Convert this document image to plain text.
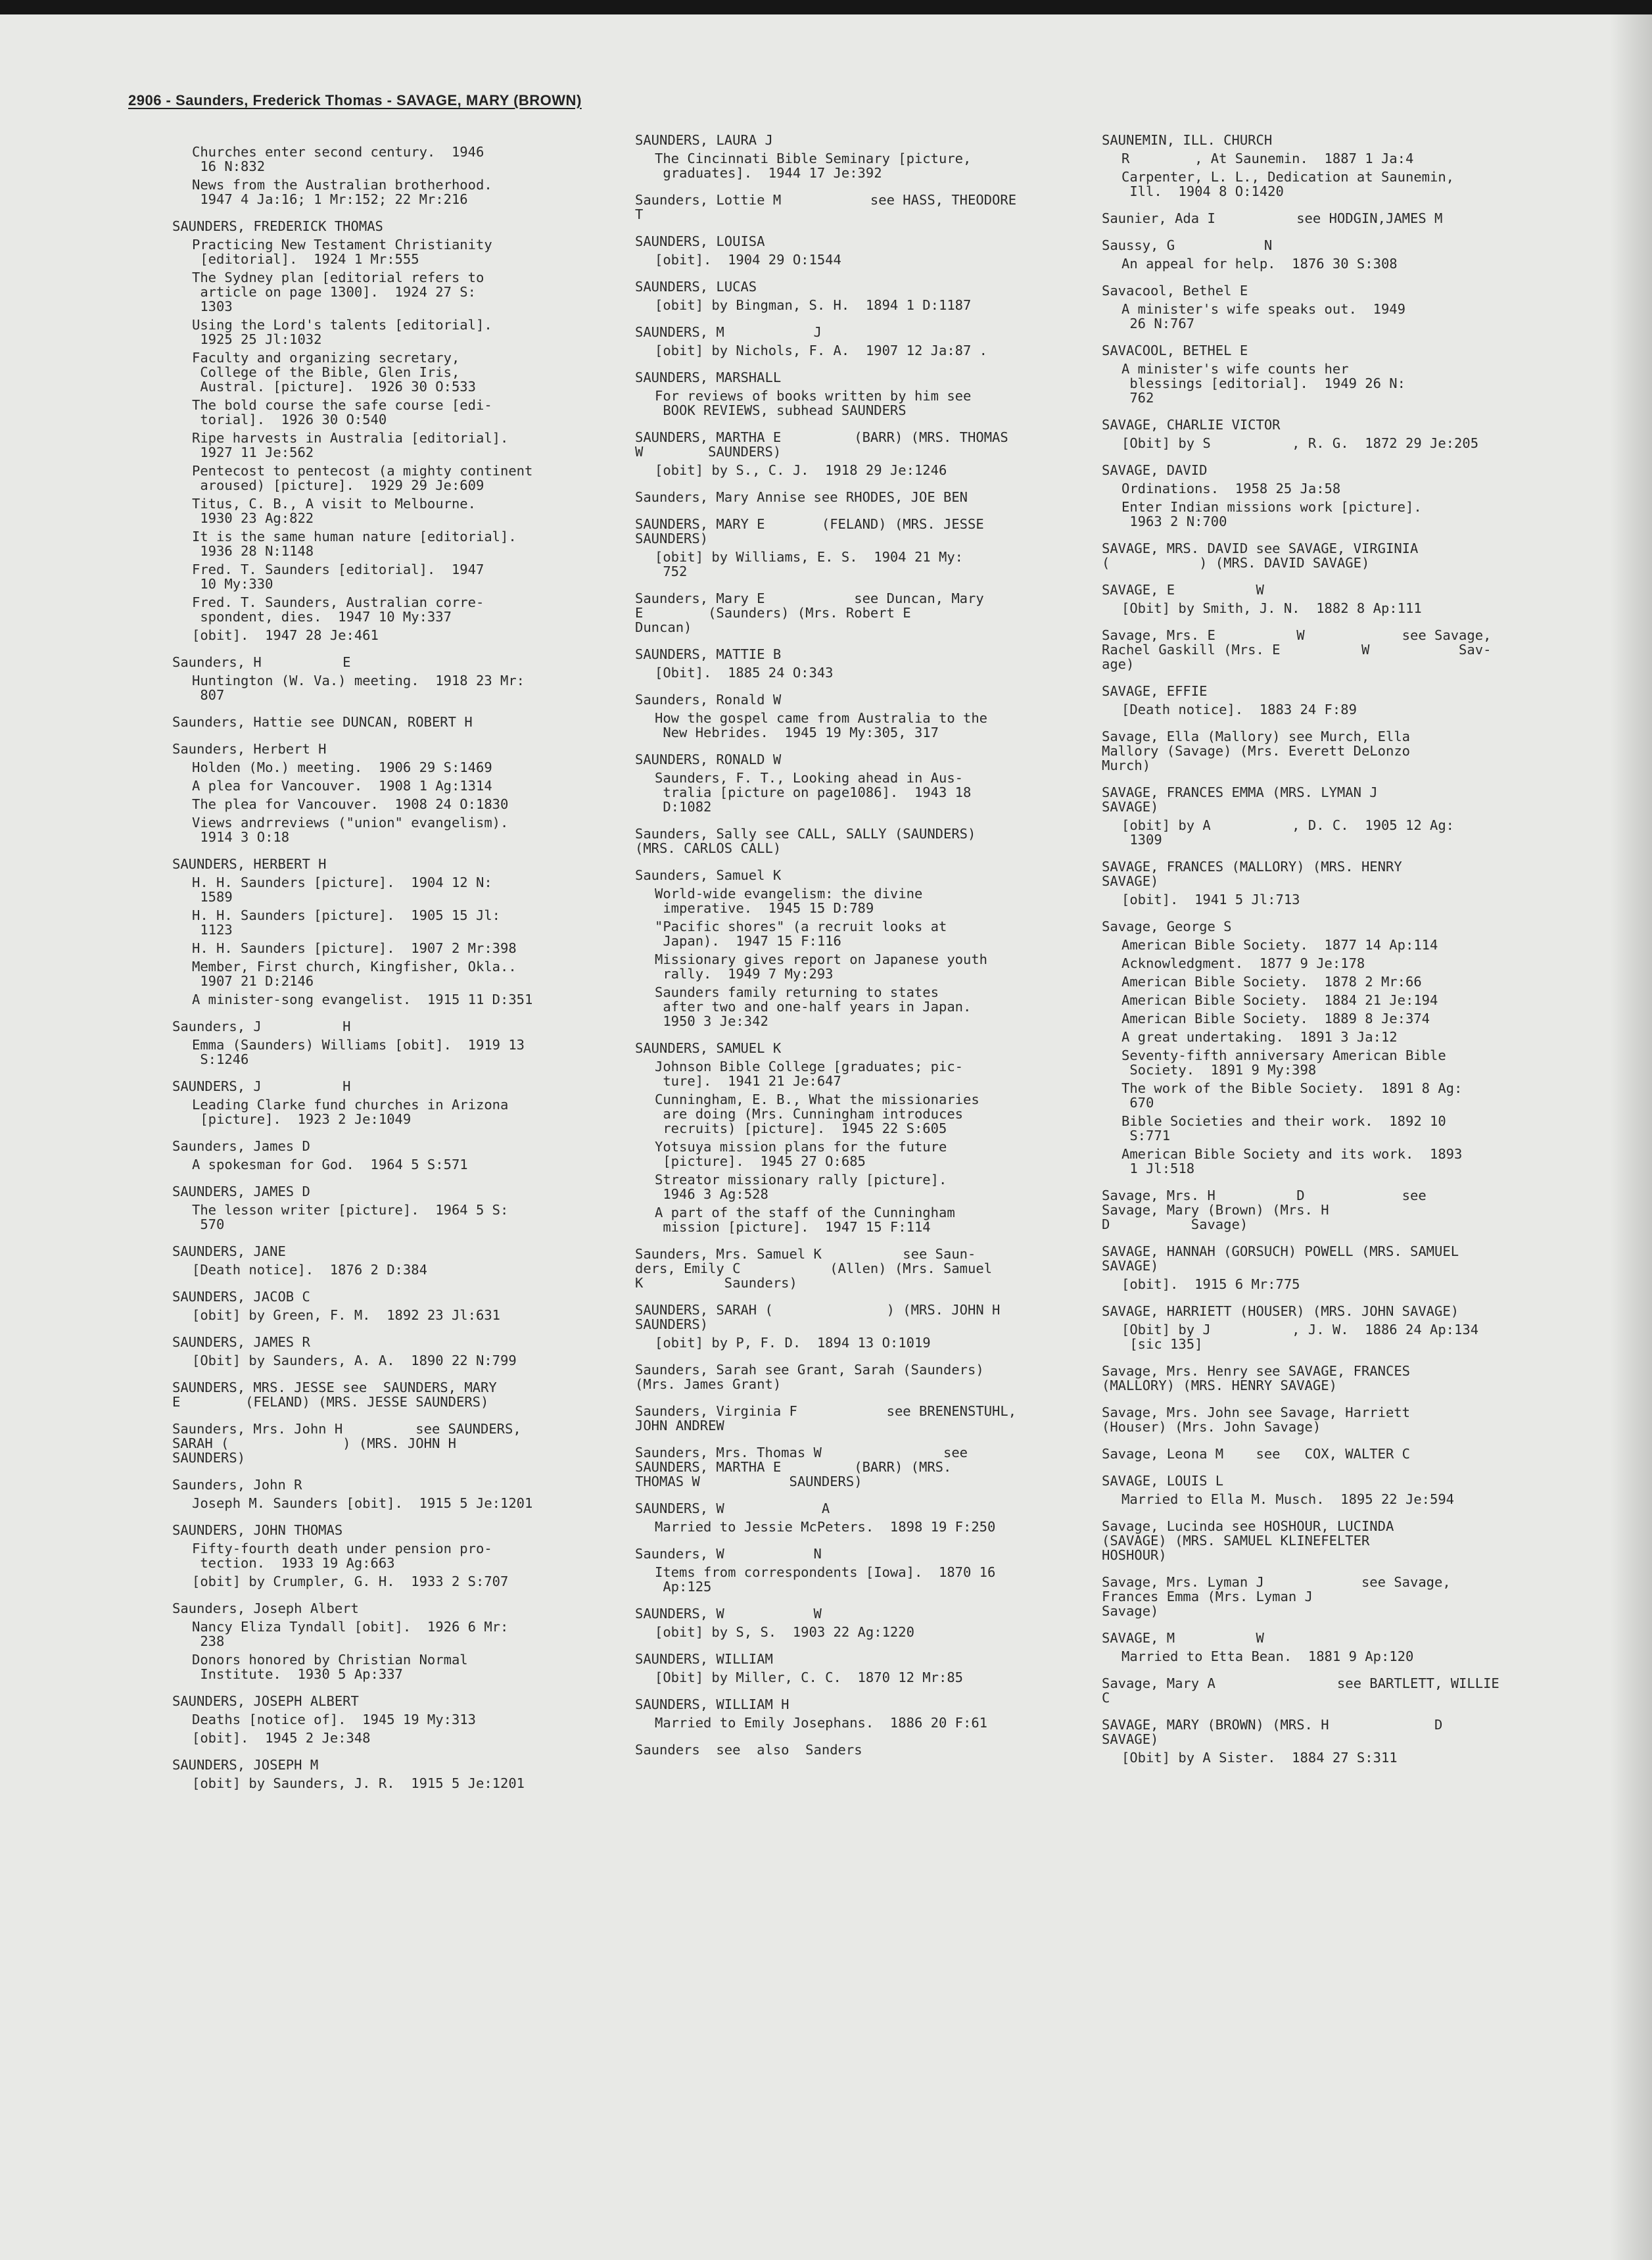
2906 - Saunders, Frederick Thomas - SAVAGE, MARY (BROWN)
Churches enter second century.  1946
16 N:832
News from the Australian brotherhood.
1947 4 Ja:16; 1 Mr:152; 22 Mr:216
SAUNDERS, FREDERICK THOMAS
Practicing New Testament Christianity
[editorial].  1924 1 Mr:555
The Sydney plan [editorial refers to
article on page 1300].  1924 27 S:
1303
Using the Lord's talents [editorial].
1925 25 Jl:1032
Faculty and organizing secretary,
College of the Bible, Glen Iris,
Austral. [picture].  1926 30 O:533
The bold course the safe course [edi-
torial].  1926 30 O:540
Ripe harvests in Australia [editorial].
1927 11 Je:562
Pentecost to pentecost (a mighty continent
aroused) [picture].  1929 29 Je:609
Titus, C. B., A visit to Melbourne.
1930 23 Ag:822
It is the same human nature [editorial].
1936 28 N:1148
Fred. T. Saunders [editorial].  1947
10 My:330
Fred. T. Saunders, Australian corre-
spondent, dies.  1947 10 My:337
[obit].  1947 28 Je:461
Saunders, H          E
Huntington (W. Va.) meeting.  1918 23 Mr:
807
Saunders, Hattie see DUNCAN, ROBERT H
Saunders, Herbert H
Holden (Mo.) meeting.  1906 29 S:1469
A plea for Vancouver.  1908 1 Ag:1314
The plea for Vancouver.  1908 24 O:1830
Views andrreviews ("union" evangelism).
1914 3 O:18
SAUNDERS, HERBERT H
H. H. Saunders [picture].  1904 12 N:
1589
H. H. Saunders [picture].  1905 15 Jl:
1123
H. H. Saunders [picture].  1907 2 Mr:398
Member, First church, Kingfisher, Okla..
1907 21 D:2146
A minister-song evangelist.  1915 11 D:351
Saunders, J          H
Emma (Saunders) Williams [obit].  1919 13
S:1246
SAUNDERS, J          H
Leading Clarke fund churches in Arizona
[picture].  1923 2 Je:1049
Saunders, James D
A spokesman for God.  1964 5 S:571
SAUNDERS, JAMES D
The lesson writer [picture].  1964 5 S:
570
SAUNDERS, JANE
[Death notice].  1876 2 D:384
SAUNDERS, JACOB C
[obit] by Green, F. M.  1892 23 Jl:631
SAUNDERS, JAMES R
[Obit] by Saunders, A. A.  1890 22 N:799
SAUNDERS, MRS. JESSE see  SAUNDERS, MARY
E        (FELAND) (MRS. JESSE SAUNDERS)
Saunders, Mrs. John H         see SAUNDERS,
SARAH (              ) (MRS. JOHN H
SAUNDERS)
Saunders, John R
Joseph M. Saunders [obit].  1915 5 Je:1201
SAUNDERS, JOHN THOMAS
Fifty-fourth death under pension pro-
tection.  1933 19 Ag:663
[obit] by Crumpler, G. H.  1933 2 S:707
Saunders, Joseph Albert
Nancy Eliza Tyndall [obit].  1926 6 Mr:
238
Donors honored by Christian Normal
Institute.  1930 5 Ap:337
SAUNDERS, JOSEPH ALBERT
Deaths [notice of].  1945 19 My:313
[obit].  1945 2 Je:348
SAUNDERS, JOSEPH M
[obit] by Saunders, J. R.  1915 5 Je:1201
SAUNDERS, LAURA J
The Cincinnati Bible Seminary [picture,
graduates].  1944 17 Je:392
Saunders, Lottie M           see HASS, THEODORE
T
SAUNDERS, LOUISA
[obit].  1904 29 O:1544
SAUNDERS, LUCAS
[obit] by Bingman, S. H.  1894 1 D:1187
SAUNDERS, M           J
[obit] by Nichols, F. A.  1907 12 Ja:87 .
SAUNDERS, MARSHALL
For reviews of books written by him see
BOOK REVIEWS, subhead SAUNDERS
SAUNDERS, MARTHA E         (BARR) (MRS. THOMAS
W        SAUNDERS)
[obit] by S., C. J.  1918 29 Je:1246
Saunders, Mary Annise see RHODES, JOE BEN
SAUNDERS, MARY E       (FELAND) (MRS. JESSE
SAUNDERS)
[obit] by Williams, E. S.  1904 21 My:
752
Saunders, Mary E           see Duncan, Mary
E        (Saunders) (Mrs. Robert E
Duncan)
SAUNDERS, MATTIE B
[Obit].  1885 24 O:343
Saunders, Ronald W
How the gospel came from Australia to the
New Hebrides.  1945 19 My:305, 317
SAUNDERS, RONALD W
Saunders, F. T., Looking ahead in Aus-
tralia [picture on page1086].  1943 18
D:1082
Saunders, Sally see CALL, SALLY (SAUNDERS)
(MRS. CARLOS CALL)
Saunders, Samuel K
World-wide evangelism: the divine
imperative.  1945 15 D:789
"Pacific shores" (a recruit looks at
Japan).  1947 15 F:116
Missionary gives report on Japanese youth
rally.  1949 7 My:293
Saunders family returning to states
after two and one-half years in Japan.
1950 3 Je:342
SAUNDERS, SAMUEL K
Johnson Bible College [graduates; pic-
ture].  1941 21 Je:647
Cunningham, E. B., What the missionaries
are doing (Mrs. Cunningham introduces
recruits) [picture].  1945 22 S:605
Yotsuya mission plans for the future
[picture].  1945 27 O:685
Streator missionary rally [picture].
1946 3 Ag:528
A part of the staff of the Cunningham
mission [picture].  1947 15 F:114
Saunders, Mrs. Samuel K          see Saun-
ders, Emily C           (Allen) (Mrs. Samuel
K          Saunders)
SAUNDERS, SARAH (              ) (MRS. JOHN H
SAUNDERS)
[obit] by P, F. D.  1894 13 O:1019
Saunders, Sarah see Grant, Sarah (Saunders)
(Mrs. James Grant)
Saunders, Virginia F           see BRENENSTUHL,
JOHN ANDREW
Saunders, Mrs. Thomas W               see
SAUNDERS, MARTHA E         (BARR) (MRS.
THOMAS W           SAUNDERS)
SAUNDERS, W            A
Married to Jessie McPeters.  1898 19 F:250
Saunders, W           N
Items from correspondents [Iowa].  1870 16
Ap:125
SAUNDERS, W           W
[obit] by S, S.  1903 22 Ag:1220
SAUNDERS, WILLIAM
[Obit] by Miller, C. C.  1870 12 Mr:85
SAUNDERS, WILLIAM H
Married to Emily Josephans.  1886 20 F:61
Saunders  see  also  Sanders
SAUNEMIN, ILL. CHURCH
R        , At Saunemin.  1887 1 Ja:4
Carpenter, L. L., Dedication at Saunemin,
Ill.  1904 8 O:1420
Saunier, Ada I          see HODGIN,JAMES M
Saussy, G           N
An appeal for help.  1876 30 S:308
Savacool, Bethel E
A minister's wife speaks out.  1949
26 N:767
SAVACOOL, BETHEL E
A minister's wife counts her
blessings [editorial].  1949 26 N:
762
SAVAGE, CHARLIE VICTOR
[Obit] by S          , R. G.  1872 29 Je:205
SAVAGE, DAVID
Ordinations.  1958 25 Ja:58
Enter Indian missions work [picture].
1963 2 N:700
SAVAGE, MRS. DAVID see SAVAGE, VIRGINIA
(           ) (MRS. DAVID SAVAGE)
SAVAGE, E          W
[Obit] by Smith, J. N.  1882 8 Ap:111
Savage, Mrs. E          W            see Savage,
Rachel Gaskill (Mrs. E          W           Sav-
age)
SAVAGE, EFFIE
[Death notice].  1883 24 F:89
Savage, Ella (Mallory) see Murch, Ella
Mallory (Savage) (Mrs. Everett DeLonzo
Murch)
SAVAGE, FRANCES EMMA (MRS. LYMAN J
SAVAGE)
[obit] by A          , D. C.  1905 12 Ag:
1309
SAVAGE, FRANCES (MALLORY) (MRS. HENRY
SAVAGE)
[obit].  1941 5 Jl:713
Savage, George S
American Bible Society.  1877 14 Ap:114
Acknowledgment.  1877 9 Je:178
American Bible Society.  1878 2 Mr:66
American Bible Society.  1884 21 Je:194
American Bible Society.  1889 8 Je:374
A great undertaking.  1891 3 Ja:12
Seventy-fifth anniversary American Bible
Society.  1891 9 My:398
The work of the Bible Society.  1891 8 Ag:
670
Bible Societies and their work.  1892 10
S:771
American Bible Society and its work.  1893
1 Jl:518
Savage, Mrs. H          D            see
Savage, Mary (Brown) (Mrs. H
D          Savage)
SAVAGE, HANNAH (GORSUCH) POWELL (MRS. SAMUEL
SAVAGE)
[obit].  1915 6 Mr:775
SAVAGE, HARRIETT (HOUSER) (MRS. JOHN SAVAGE)
[Obit] by J          , J. W.  1886 24 Ap:134
[sic 135]
Savage, Mrs. Henry see SAVAGE, FRANCES
(MALLORY) (MRS. HENRY SAVAGE)
Savage, Mrs. John see Savage, Harriett
(Houser) (Mrs. John Savage)
Savage, Leona M    see   COX, WALTER C
SAVAGE, LOUIS L
Married to Ella M. Musch.  1895 22 Je:594
Savage, Lucinda see HOSHOUR, LUCINDA
(SAVAGE) (MRS. SAMUEL KLINEFELTER
HOSHOUR)
Savage, Mrs. Lyman J            see Savage,
Frances Emma (Mrs. Lyman J
Savage)
SAVAGE, M          W
Married to Etta Bean.  1881 9 Ap:120
Savage, Mary A               see BARTLETT, WILLIE
C
SAVAGE, MARY (BROWN) (MRS. H             D
SAVAGE)
[Obit] by A Sister.  1884 27 S:311
